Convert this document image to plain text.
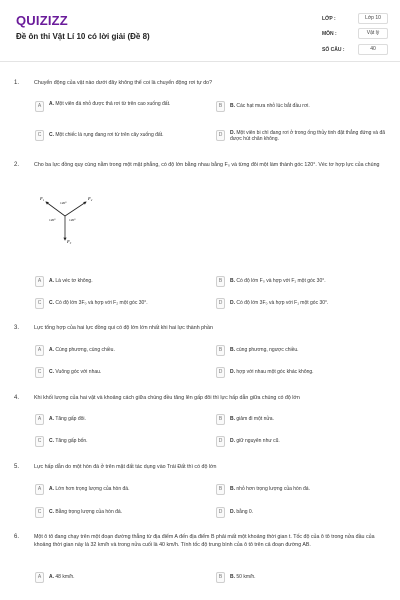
QUIZIZZ
Đề ôn thi Vật Lí 10 có lời giải (Đề 8)
LỚP :	Lớp 10
MÔN :	Vật lý
SỐ CÂU :	40
1.	Chuyển động của vật nào dưới đây không thể coi là chuyển động rơi tự do?
A	A. Một viên đá nhỏ được thả rơi từ trên cao xuống đất.	B	B. Các hạt mưa nhỏ lúc bắt đầu rơi.
C	C. Một chiếc lá rụng đang rơi từ trên cây xuống đất.	D	D. Một viên bi chì đang rơi ở trong ống thủy tinh đặt thẳng đứng và đã được hút chân không.
2.	Cho ba lực đồng quy cùng nằm trong một mặt phẳng, có độ lớn bằng nhau bằng F₀ và từng đôi một làm thành góc 120°. Véc tơ hợp lực của chúng
F₁	F₂
F₃
120°
120°	120°
A	A. Là véc tơ không.	B	B. Có độ lớn F₀ và hợp với F₁ một góc 30°.
C	C. Có độ lớn 3F₀ và hợp với F₂ một góc 30°.	D	D. Có độ lớn 3F₀ và hợp với F₁ một góc 30°.
3.	Lực tổng hợp của hai lực đồng qui có độ lớn lớn nhất khi hai lực thành phần
A	A. Cùng phương, cùng chiều.	B	B. cùng phương, ngược chiều.
C	C. Vuông góc với nhau.	D	D. hợp với nhau một góc khác không.
4.	Khi khối lượng của hai vật và khoảng cách giữa chúng đều tăng lên gấp đôi thì lực hấp dẫn giữa chúng có độ lớn
A	A. Tăng gấp đôi.	B	B. giảm đi một nửa.
C	C. Tăng gấp bốn.	D	D. giữ nguyên như cũ.
5.	Lực hấp dẫn do một hòn đá ở trên mặt đất tác dụng vào Trái Đất thì có độ lớn
A	A. Lớn hơn trọng lượng của hòn đá.	B	B. nhỏ hơn trọng lượng của hòn đá.
C	C. Bằng trọng lượng của hòn đá.	D	D. bằng 0.
6.	Một ô tô đang chạy trên một đoạn đường thẳng từ địa điểm A đến địa điểm B phải mất một khoảng thời gian t. Tốc độ của ô tô trong nửa đầu của khoảng thời gian này là 32 km/h và trong nửa cuối là 40 km/h. Tính tốc độ trung bình của ô tô trên cả đoạn đường AB.
A	A. 48 km/h.	B	B. 50 km/h.
